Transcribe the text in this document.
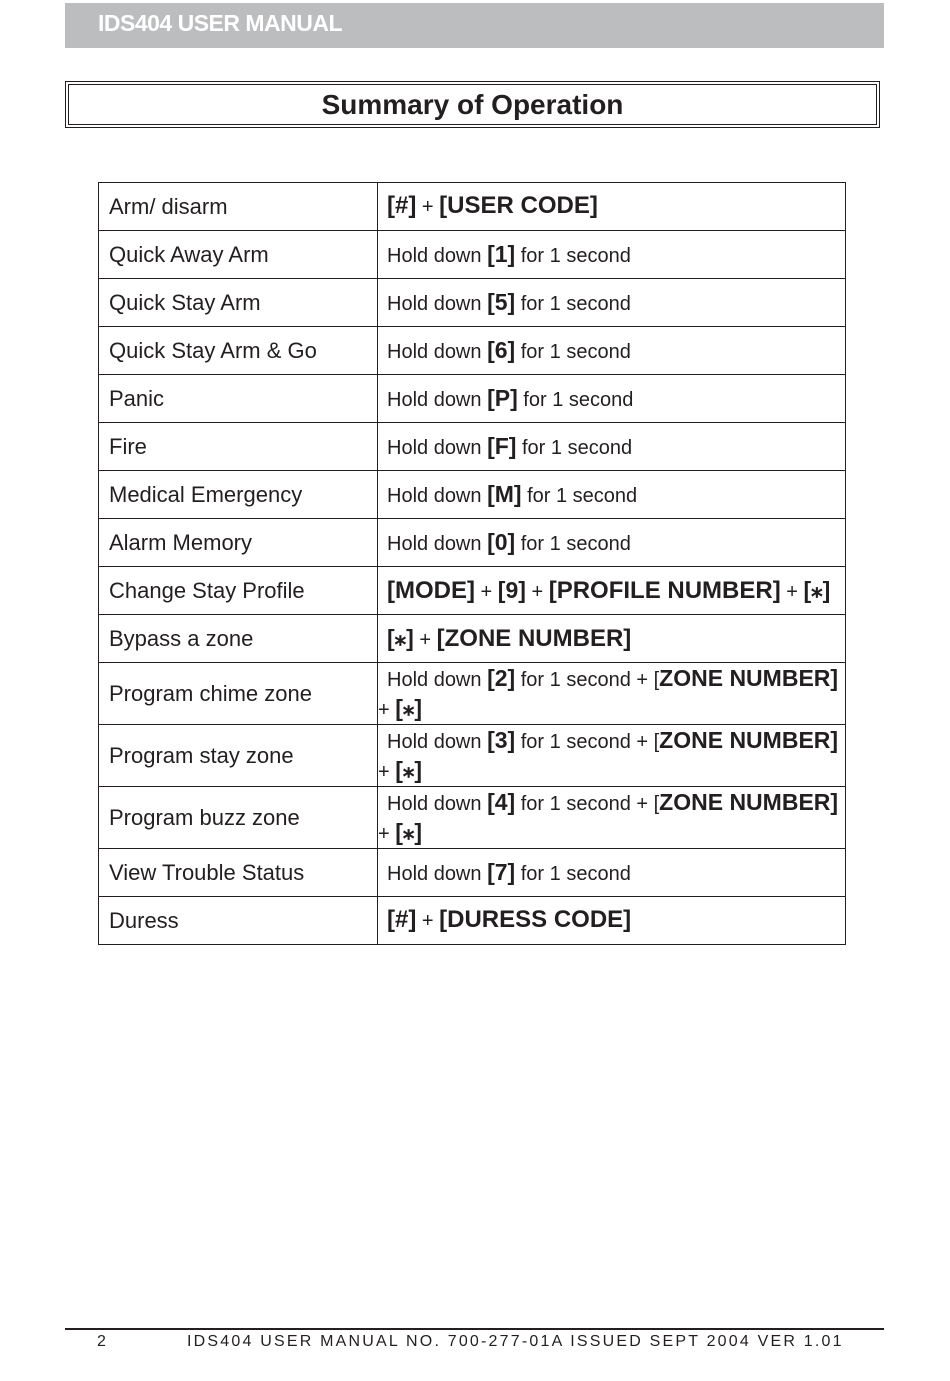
IDS404 USER MANUAL
Summary of Operation
Arm/ disarm	[#] + [USER CODE]
Quick Away Arm	Hold down [1] for 1 second
Quick Stay Arm	Hold down [5] for 1 second
Quick Stay Arm & Go	Hold down [6] for 1 second
Panic	Hold down [P] for 1 second
Fire	Hold down [F] for 1 second
Medical Emergency	Hold down [M] for 1 second
Alarm Memory	Hold down [0] for 1 second
Change Stay Profile	[MODE] + [9] + [PROFILE NUMBER] + [⁎]
Bypass a zone	[⁎] + [ZONE NUMBER]
Program chime zone	Hold down [2] for 1 second + [ZONE NUMBER]
+ [⁎]

Program stay zone	Hold down [3] for 1 second + [ZONE NUMBER]
+ [⁎]

Program buzz zone	Hold down [4] for 1 second + [ZONE NUMBER]
+ [⁎]

View Trouble Status	Hold down [7] for 1 second
Duress	[#] + [DURESS CODE]
2	IDS404 USER MANUAL NO. 700-277-01A ISSUED SEPT 2004 VER 1.01
